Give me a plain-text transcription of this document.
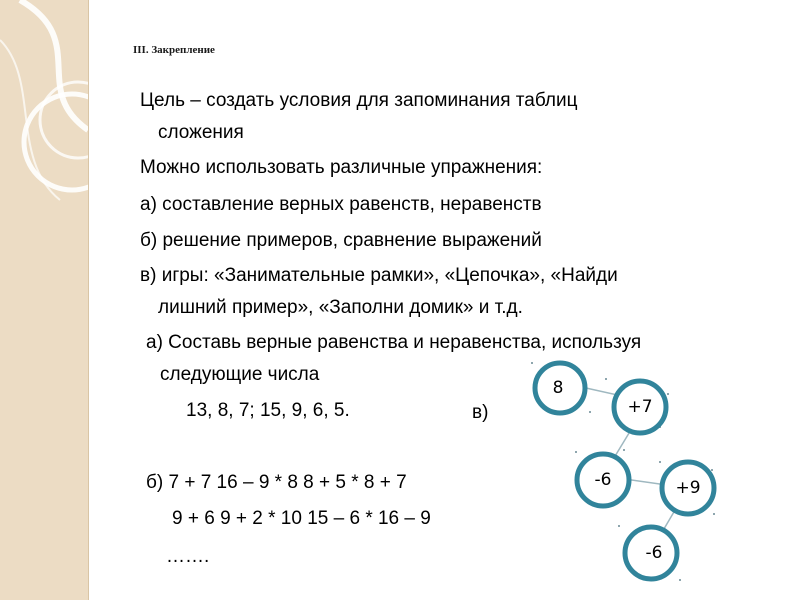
III. Закрепление
Цель – создать условия для запоминания таблиц
сложения
Можно использовать различные упражнения:
а) составление верных равенств, неравенств
б) решение примеров, сравнение выражений
в) игры: «Занимательные рамки», «Цепочка», «Найди
лишний пример», «Заполни домик» и т.д.
а) Составь верные равенства и неравенства, используя
следующие числа
13, 8, 7; 15, 9, 6, 5.	в)
б) 7 + 7 16 – 9 * 8 8 + 5 * 8 + 7
9 + 6 9 + 2 * 10 15 – 6 * 16 – 9
…….
8
+7
-6	+9
-6
